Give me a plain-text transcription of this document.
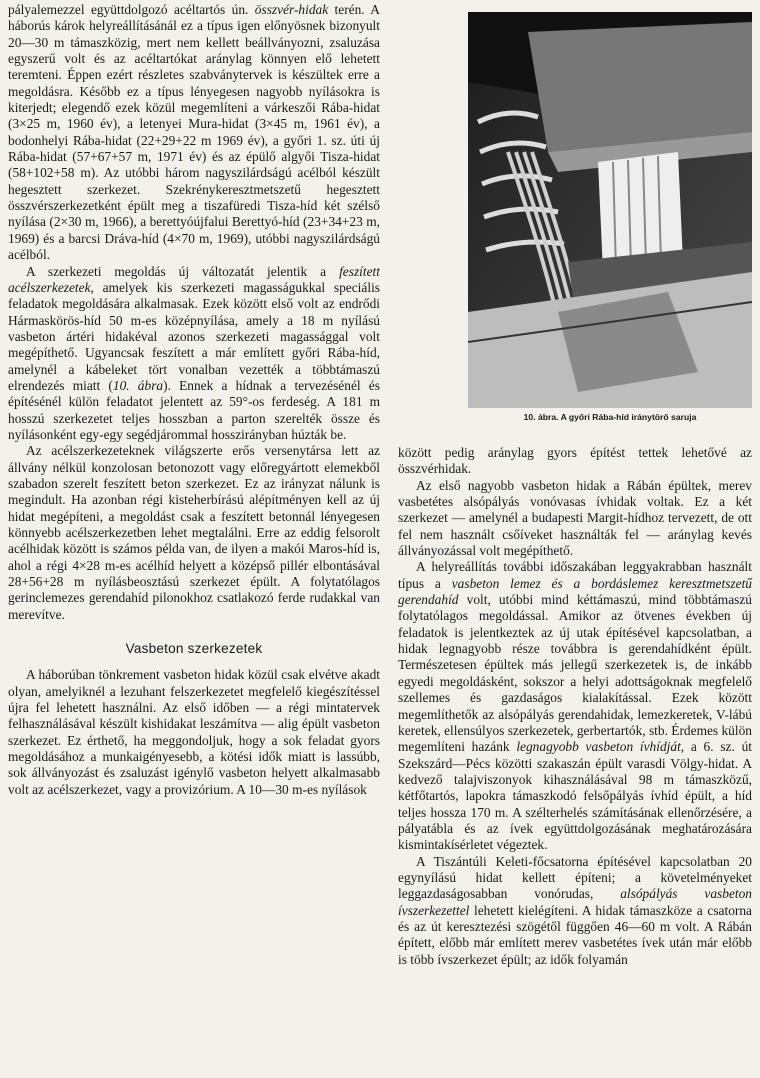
pályalemezzel együttdolgozó acéltartós ún. összvér-hidak terén. A háborús károk helyreállításánál ez a típus igen előnyösnek bizonyult 20—30 m támaszközig, mert nem kellett beállványozni, zsaluzása egyszerű volt és az acéltartókat aránylag könnyen elő lehetett teremteni. Éppen ezért részletes szabványtervek is készültek erre a megoldásra. Később ez a típus lényegesen nagyobb nyílásokra is kiterjedt; elegendő ezek közül megemlíteni a várkeszői Rába-hidat (3×25 m, 1960 év), a letenyei Mura-hidat (3×45 m, 1961 év), a bodonhelyi Rába-hidat (22+29+22 m 1969 év), a győri 1. sz. úti új Rába-hidat (57+67+57 m, 1971 év) és az épülő algyői Tisza-hidat (58+102+58 m). Az utóbbi három nagyszilárdságú acélból készült hegesztett szerkezet. Szekrénykeresztmetszetű hegesztett összvérszerkezetként épült meg a tiszafüredi Tisza-híd két szélső nyílása (2×30 m, 1966), a berettyóújfalui Berettyó-híd (23+34+23 m, 1969) és a barcsi Dráva-híd (4×70 m, 1969), utóbbi nagyszilárdságú acélból.

A szerkezeti megoldás új változatát jelentik a feszített acélszerkezetek, amelyek kis szerkezeti magasságukkal speciális feladatok megoldására alkalmasak. Ezek között első volt az endrődi Hármaskörös-híd 50 m-es középnyílása, amely a 18 m nyílású vasbeton ártéri hidakéval azonos szerkezeti magassággal volt megépíthető. Ugyancsak feszített a már említett győri Rába-híd, amelynél a kábeleket tört vonalban vezették a többtámaszú elrendezés miatt (10. ábra). Ennek a hídnak a tervezésénél és építésénél külön feladatot jelentett az 59°-os ferdeség. A 181 m hosszú szerkezetet teljes hosszban a parton szerelték össze és nyílásonként egy-egy segédjárommal hosszirányban húzták be.

Az acélszerkezeteknek világszerte erős versenytársa lett az állvány nélkül konzolosan betonozott vagy előregyártott elemekből szabadon szerelt feszített beton szerkezet. Ez az irányzat nálunk is megindult. Ha azonban régi kisteherbírású alépítményen kell az új hidat megépíteni, a megoldást csak a feszített betonnál lényegesen könnyebb acélszerkezetben lehet megtalálni. Erre az eddig felsorolt acélhidak között is számos példa van, de ilyen a makói Maros-híd is, ahol a régi 4×28 m-es acélhíd helyett a középső pillér elbontásával 28+56+28 m nyílásbeosztású szerkezet épült. A folytatólagos gerinclemezes gerendahíd pilonokhoz csatlakozó ferde rudakkal van merevítve.

Vasbeton szerkezetek

A háborúban tönkrement vasbeton hidak közül csak elvétve akadt olyan, amelyiknél a lezuhant felszerkezetet megfelelő kiegészítéssel újra fel lehetett használni. Az első időben — a régi mintatervek felhasználásával készült kishidakat leszámítva — alig épült vasbeton szerkezet. Ez érthető, ha meggondoljuk, hogy a sok feladat gyors megoldásához a munkaigényesebb, a kötési idők miatt is lassúbb, sok állványozást és zsaluzást igénylő vasbeton helyett alkalmasabb volt az acélszerkezet, vagy a provizórium. A 10—30 m-es nyílások

10. ábra. A győri Rába-híd iránytörő saruja

között pedig aránylag gyors építést tettek lehetővé az összvérhidak.

Az első nagyobb vasbeton hidak a Rábán épültek, merev vasbetétes alsópályás vonóvasas ívhidak voltak. Ez a két szerkezet — amelynél a budapesti Margit-hídhoz tervezett, de ott fel nem használt csőíveket használták fel — aránylag kevés állványozással volt megépíthető.

A helyreállítás további időszakában leggyakrabban használt típus a vasbeton lemez és a bordáslemez keresztmetszetű gerendahíd volt, utóbbi mind kéttámaszú, mind többtámaszú folytatólagos megoldással. Amikor az ötvenes években új feladatok is jelentkeztek az új utak építésével kapcsolatban, a hidak legnagyobb része továbbra is gerendahídként épült. Természetesen épültek más jellegű szerkezetek is, de inkább egyedi megoldásként, sokszor a helyi adottságoknak megfelelő szellemes és gazdaságos kialakítással. Ezek között megemlíthetők az alsópályás gerendahidak, lemezkeretek, V-lábú keretek, ellensúlyos szerkezetek, gerbertartók, stb. Érdemes külön megemlíteni hazánk legnagyobb vasbeton ívhídját, a 6. sz. út Szekszárd—Pécs közötti szakaszán épült varasdi Völgy-hidat. A kedvező talajviszonyok kihasználásával 98 m támaszközű, kétfőtartós, lapokra támaszkodó felsőpályás ívhíd épült, a híd teljes hossza 170 m. A szélterhelés számításának ellenőrzésére, a pályatábla és az ívek együttdolgozásának meghatározására kismintakísérletet végeztek.

A Tiszántúli Keleti-főcsatorna építésével kapcsolatban 20 egynyílású hidat kellett építeni; a követelményeket leggazdaságosabban vonórudas, alsópályás vasbeton ívszerkezettel lehetett kielégíteni. A hidak támaszköze a csatorna és az út keresztezési szögétől függően 46—60 m volt. A Rábán épített, előbb már említett merev vasbetétes ívek után már előbb is több ívszerkezet épült; az idők folyamán
